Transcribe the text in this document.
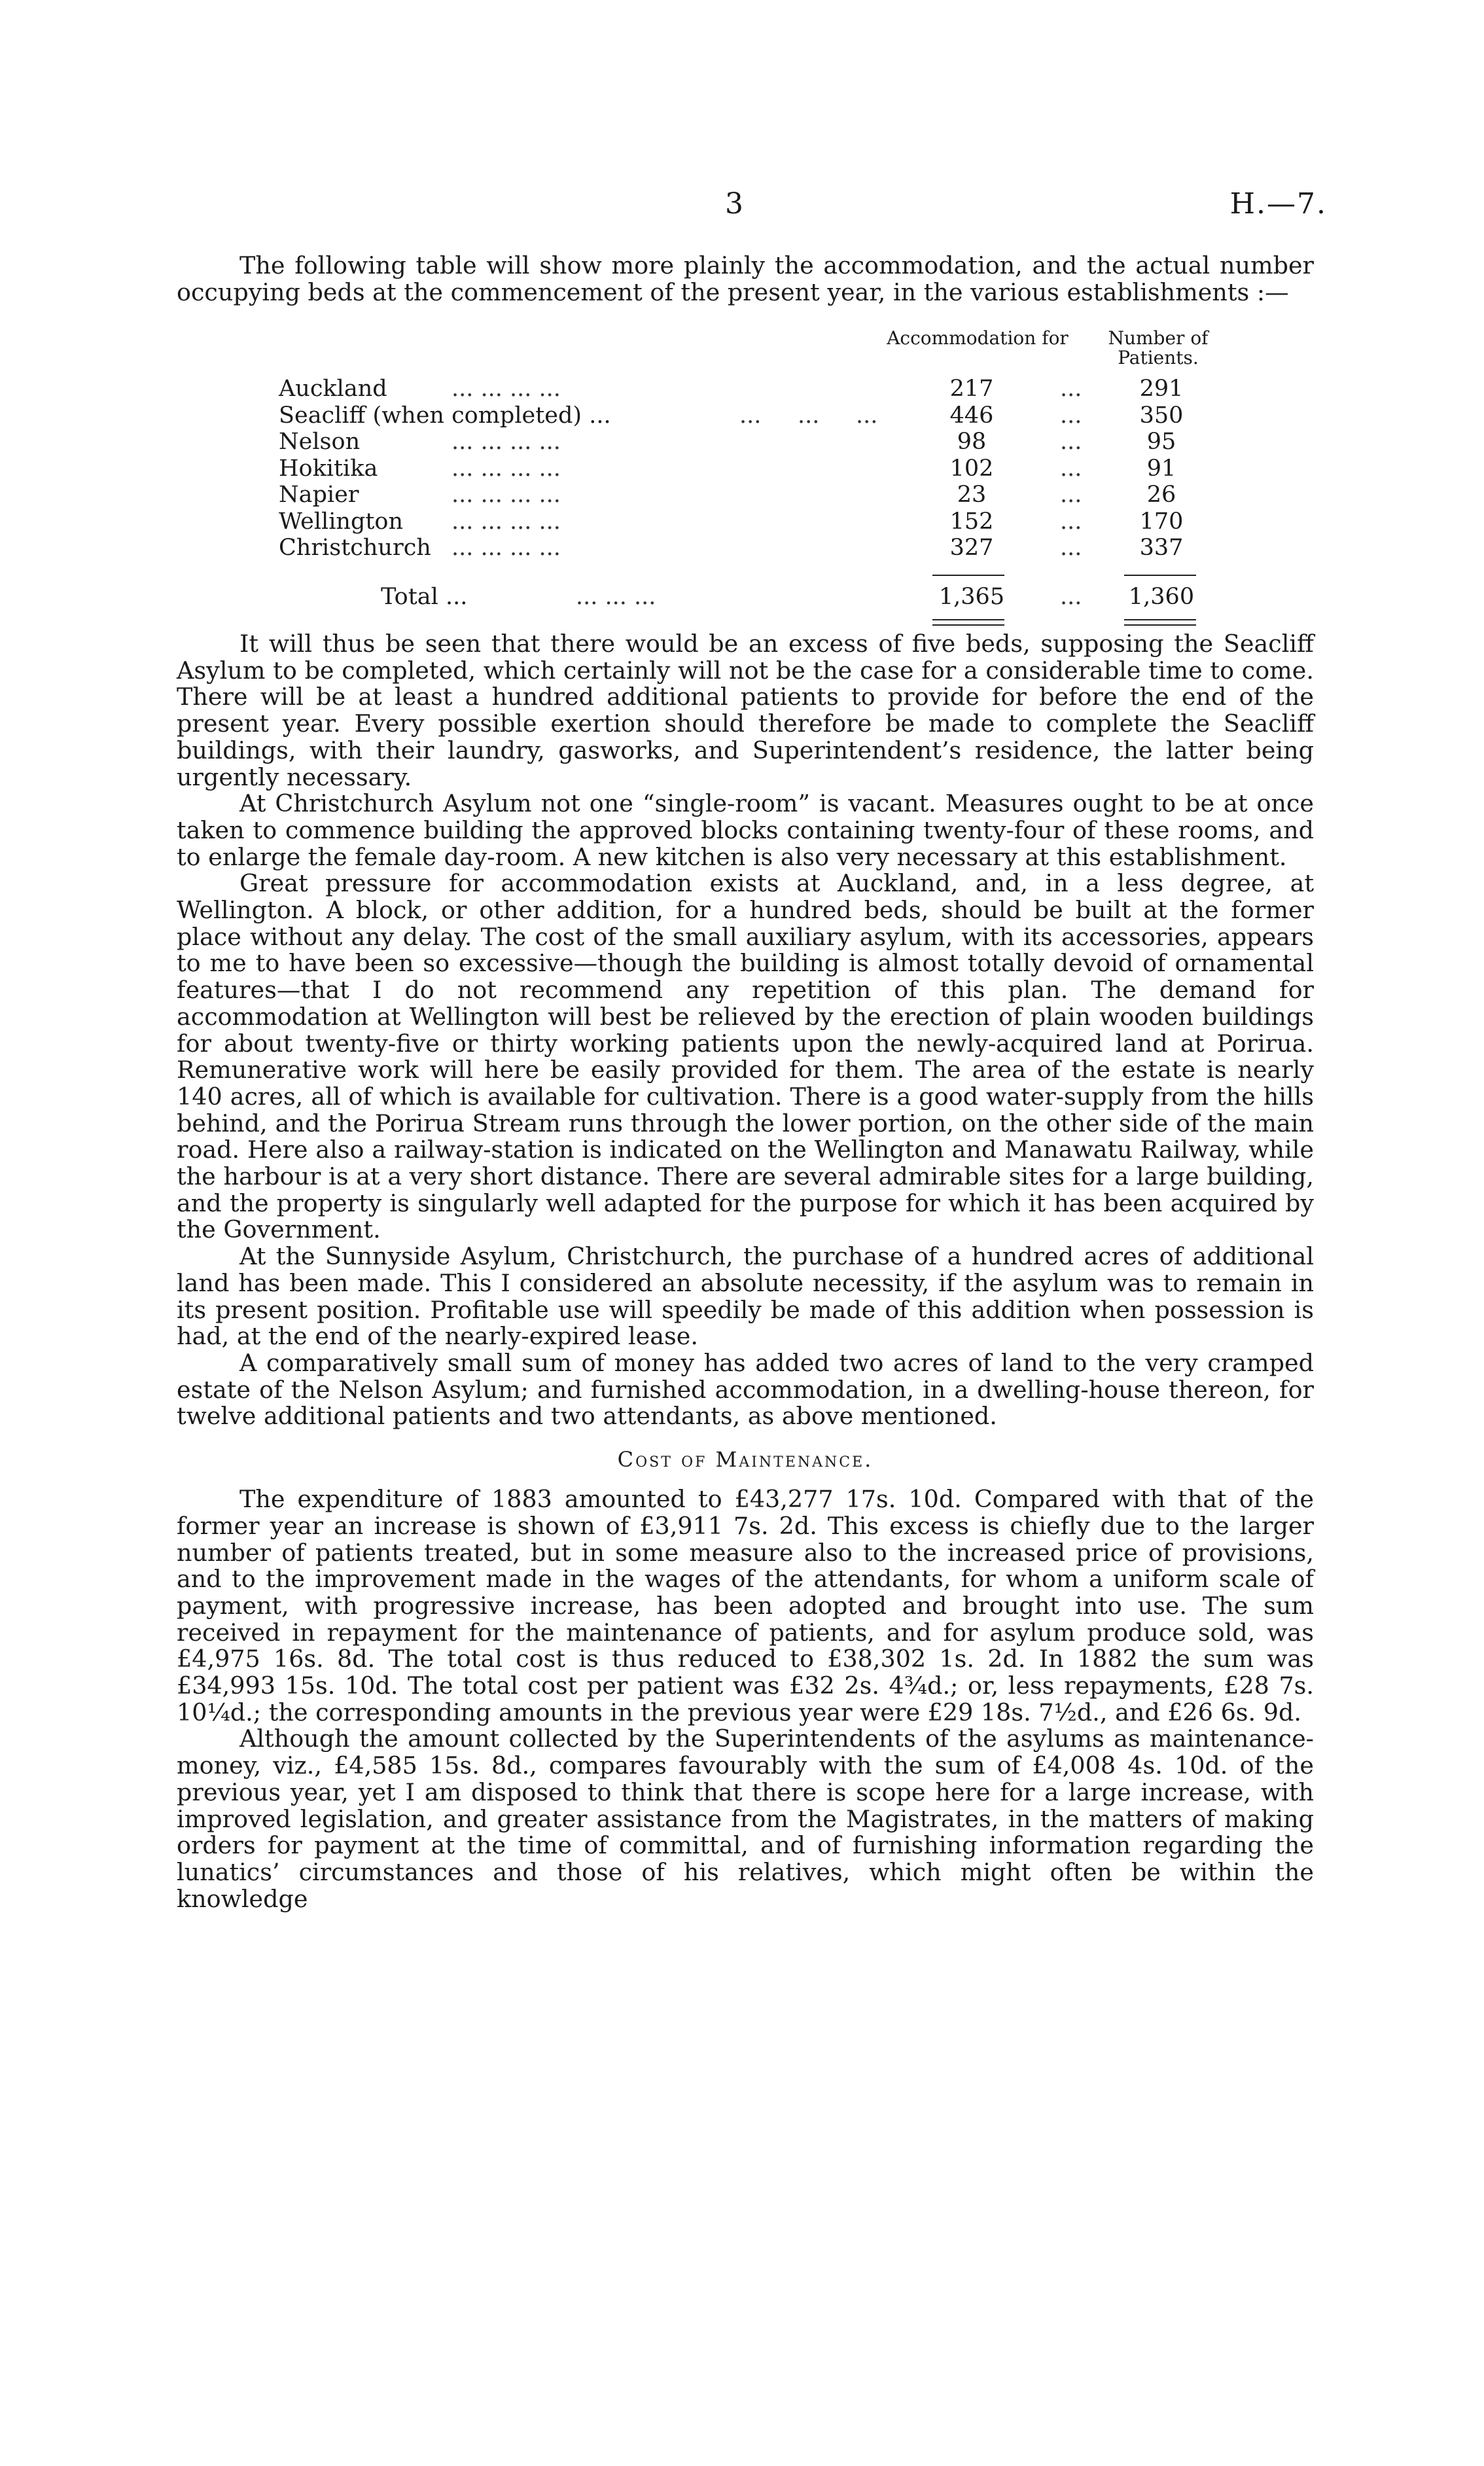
3	H.—7.

The following table will show more plainly the accommodation, and the actual number occupying beds at the commencement of the present year, in the various establishments :—

Accommodation for	Number of Patients.
Auckland	... ... ... ...	217	...	291
Seacliff (when completed) ...	...     ...     ...	446	...	350
Nelson	... ... ... ...	98	...	95
Hokitika	... ... ... ...	102	...	91
Napier	... ... ... ...	23	...	26
Wellington ... ... ... ...	152	...	170
Christchurch ... ... ... ...	327	...	337
Total ...	... ... ...	1,365	...	1,360

It will thus be seen that there would be an excess of five beds, supposing the Seacliff Asylum to be completed, which certainly will not be the case for a considerable time to come. There will be at least a hundred additional patients to provide for before the end of the present year. Every possible exertion should therefore be made to complete the Seacliff buildings, with their laundry, gasworks, and Superintendent’s residence, the latter being urgently necessary.

At Christchurch Asylum not one “single-room” is vacant. Measures ought to be at once taken to commence building the approved blocks containing twenty-four of these rooms, and to enlarge the female day-room. A new kitchen is also very necessary at this establishment.

Great pressure for accommodation exists at Auckland, and, in a less degree, at Wellington. A block, or other addition, for a hundred beds, should be built at the former place without any delay. The cost of the small auxiliary asylum, with its accessories, appears to me to have been so excessive—though the building is almost totally devoid of ornamental features—that I do not recommend any repetition of this plan. The demand for accommodation at Wellington will best be relieved by the erection of plain wooden buildings for about twenty-five or thirty working patients upon the newly-acquired land at Porirua. Remunerative work will here be easily provided for them. The area of the estate is nearly 140 acres, all of which is available for cultivation. There is a good water-supply from the hills behind, and the Porirua Stream runs through the lower portion, on the other side of the main road. Here also a railway-station is indicated on the Wellington and Manawatu Railway, while the harbour is at a very short distance. There are several admirable sites for a large building, and the property is singularly well adapted for the purpose for which it has been acquired by the Government.

At the Sunnyside Asylum, Christchurch, the purchase of a hundred acres of additional land has been made. This I considered an absolute necessity, if the asylum was to remain in its present position. Profitable use will speedily be made of this addition when possession is had, at the end of the nearly-expired lease.

A comparatively small sum of money has added two acres of land to the very cramped estate of the Nelson Asylum; and furnished accommodation, in a dwelling-house thereon, for twelve additional patients and two attendants, as above mentioned.

Cost of Maintenance.

The expenditure of 1883 amounted to £43,277 17s. 10d. Compared with that of the former year an increase is shown of £3,911 7s. 2d. This excess is chiefly due to the larger number of patients treated, but in some measure also to the increased price of provisions, and to the improvement made in the wages of the attendants, for whom a uniform scale of payment, with progressive increase, has been adopted and brought into use. The sum received in repayment for the maintenance of patients, and for asylum produce sold, was £4,975 16s. 8d. The total cost is thus reduced to £38,302 1s. 2d. In 1882 the sum was £34,993 15s. 10d. The total cost per patient was £32 2s. 4¾d.; or, less repayments, £28 7s. 10¼d.; the corresponding amounts in the previous year were £29 18s. 7½d., and £26 6s. 9d.

Although the amount collected by the Superintendents of the asylums as maintenance-money, viz., £4,585 15s. 8d., compares favourably with the sum of £4,008 4s. 10d. of the previous year, yet I am disposed to think that there is scope here for a large increase, with improved legislation, and greater assistance from the Magistrates, in the matters of making orders for payment at the time of committal, and of furnishing information regarding the lunatics’ circumstances and those of his relatives, which might often be within the knowledge
